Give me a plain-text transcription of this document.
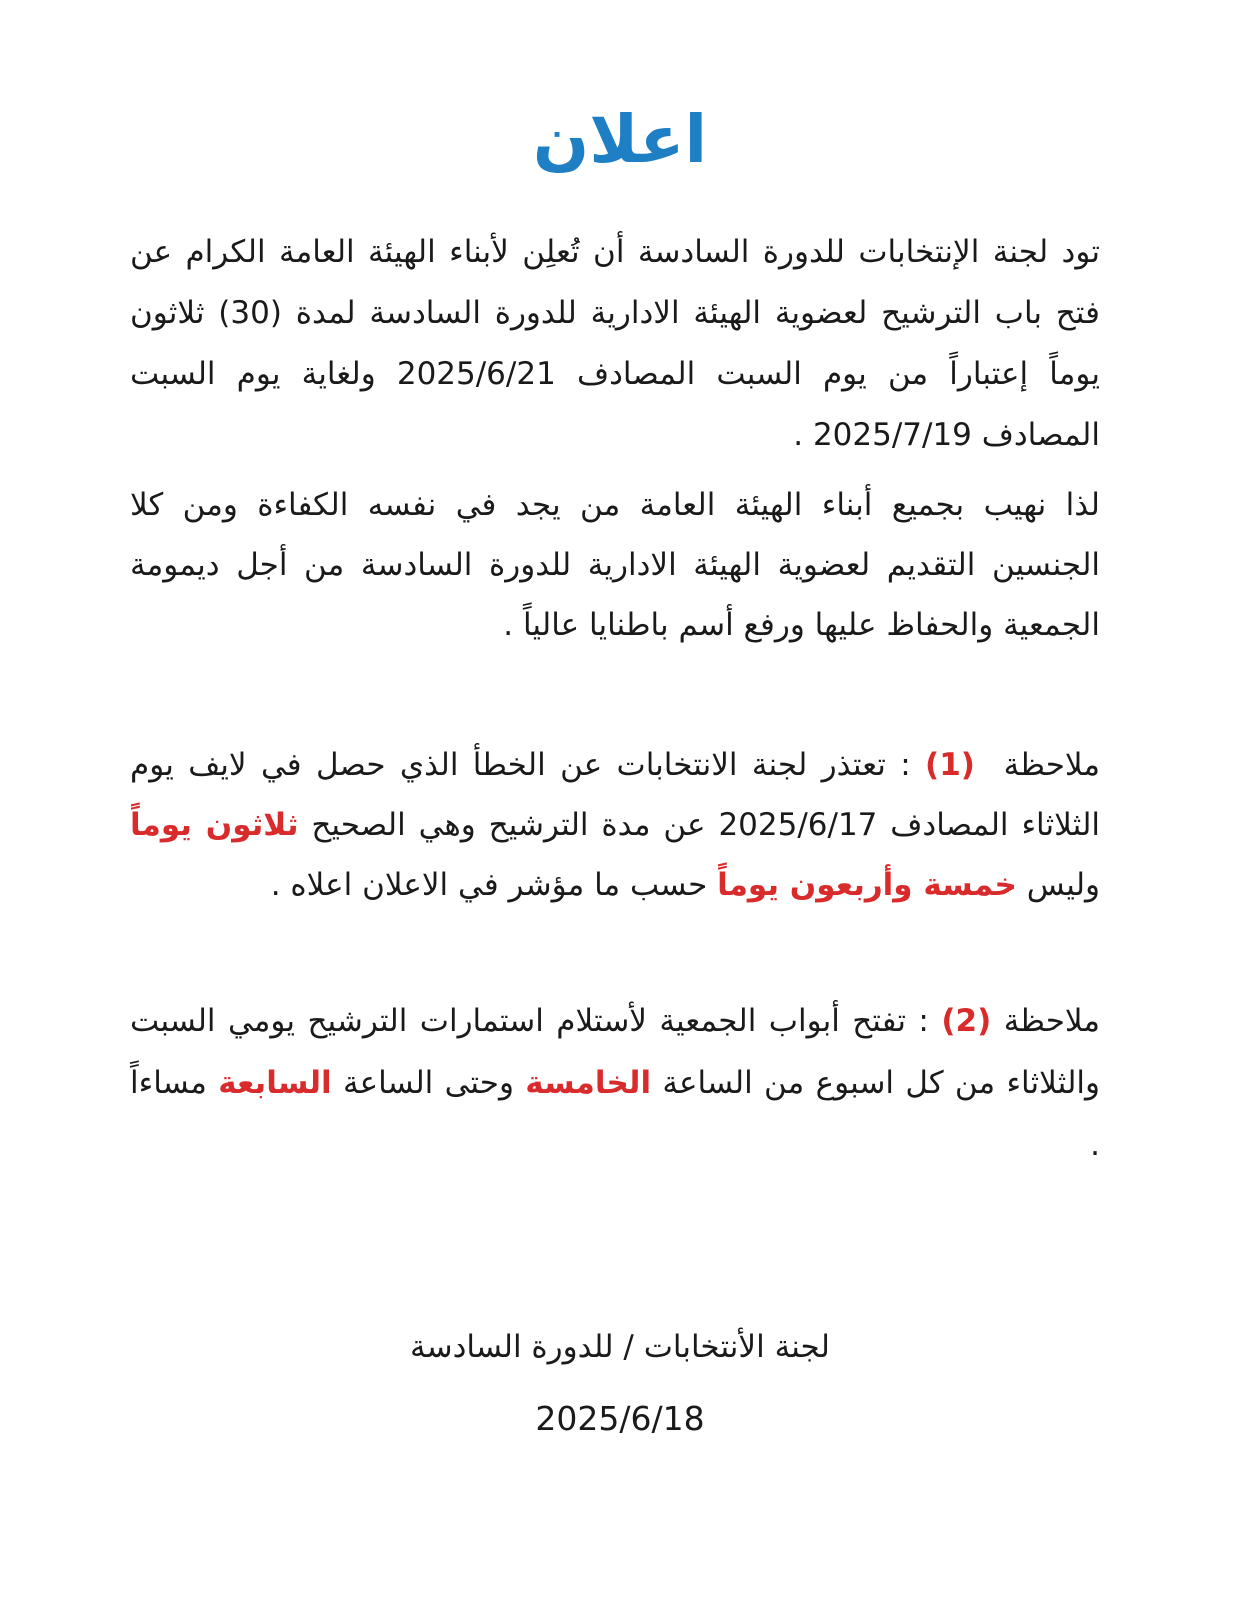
اعلان
تود لجنة الإنتخابات للدورة السادسة أن تُعلِن لأبناء الهيئة العامة الكرام عن فتح باب الترشيح لعضوية الهيئة الادارية للدورة السادسة لمدة (30) ثلاثون يوماً إعتباراً من يوم السبت المصادف 2025/6/21 ولغاية يوم السبت المصادف 2025/7/19 .
لذا نهيب بجميع أبناء الهيئة العامة من يجد في نفسه الكفاءة ومن كلا الجنسين التقديم لعضوية الهيئة الادارية للدورة السادسة من أجل ديمومة الجمعية والحفاظ عليها ورفع أسم باطنايا عالياً .
ملاحظة  (1) : تعتذر لجنة الانتخابات عن الخطأ الذي حصل في لايف يوم الثلاثاء المصادف 2025/6/17 عن مدة الترشيح وهي الصحيح ثلاثون يوماً وليس خمسة وأربعون يوماً حسب ما مؤشر في الاعلان اعلاه .
ملاحظة (2) : تفتح أبواب الجمعية لأستلام استمارات الترشيح يومي السبت والثلاثاء من كل اسبوع من الساعة الخامسة وحتى الساعة السابعة مساءاً .
لجنة الأنتخابات / للدورة السادسة
2025/6/18
